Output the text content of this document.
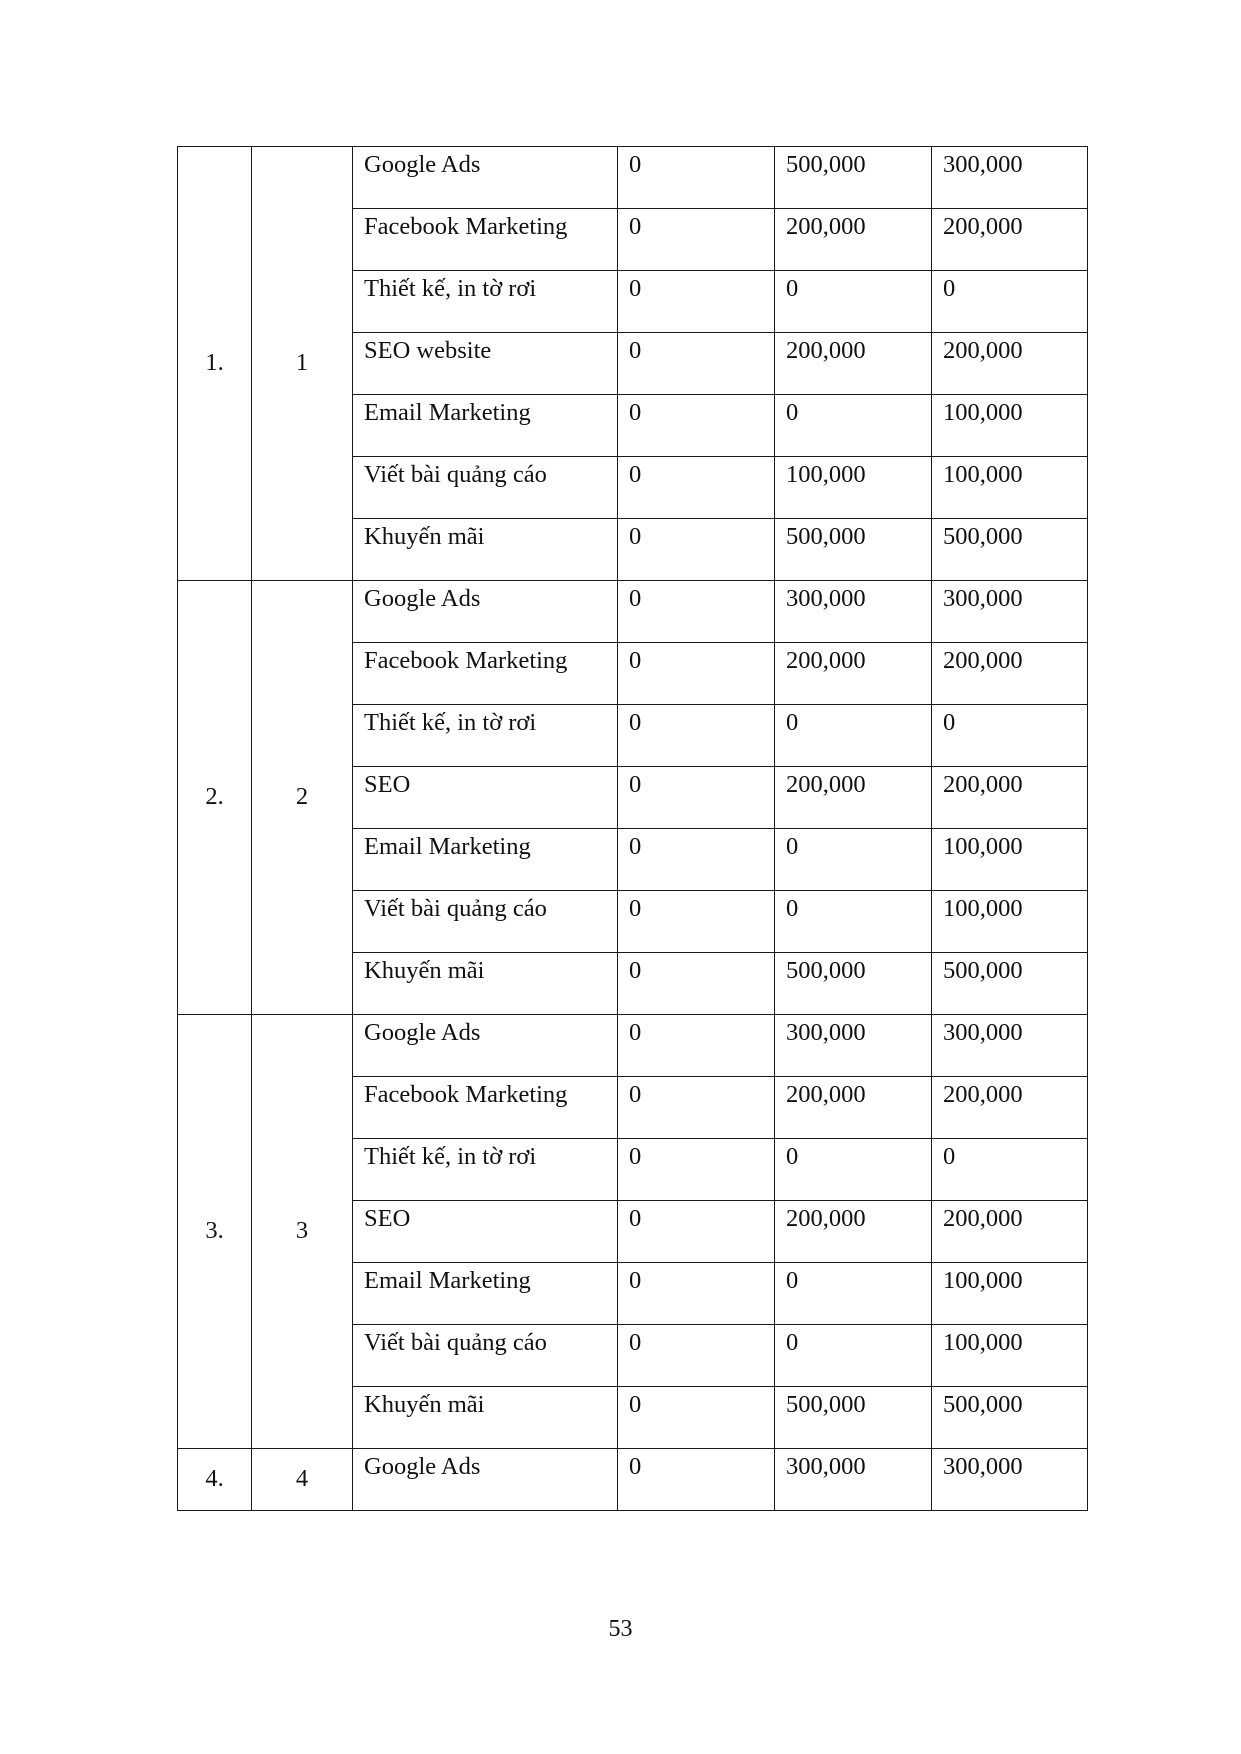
1.	1	Google Ads	0	500,000	300,000
		Facebook Marketing	0	200,000	200,000
		Thiết kế, in tờ rơi	0	0	0
		SEO website	0	200,000	200,000
		Email Marketing	0	0	100,000
		Viết bài quảng cáo	0	100,000	100,000
		Khuyến mãi	0	500,000	500,000
2.	2	Google Ads	0	300,000	300,000
		Facebook Marketing	0	200,000	200,000
		Thiết kế, in tờ rơi	0	0	0
		SEO	0	200,000	200,000
		Email Marketing	0	0	100,000
		Viết bài quảng cáo	0	0	100,000
		Khuyến mãi	0	500,000	500,000
3.	3	Google Ads	0	300,000	300,000
		Facebook Marketing	0	200,000	200,000
		Thiết kế, in tờ rơi	0	0	0
		SEO	0	200,000	200,000
		Email Marketing	0	0	100,000
		Viết bài quảng cáo	0	0	100,000
		Khuyến mãi	0	500,000	500,000
4.	4	Google Ads	0	300,000	300,000
53
